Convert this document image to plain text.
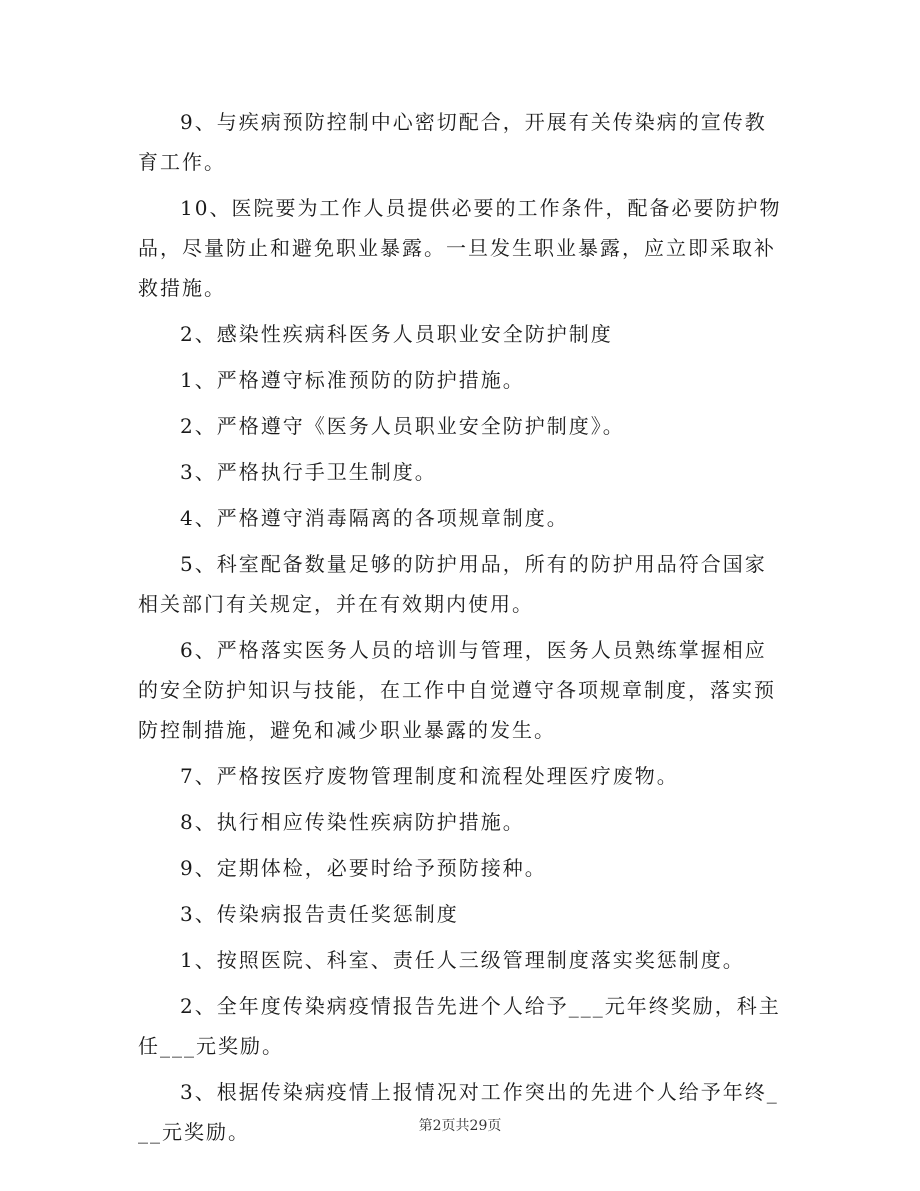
9、与疾病预防控制中心密切配合，开展有关传染病的宣传教育工作。

10、医院要为工作人员提供必要的工作条件，配备必要防护物品，尽量防止和避免职业暴露。一旦发生职业暴露，应立即采取补救措施。

2、感染性疾病科医务人员职业安全防护制度

1、严格遵守标准预防的防护措施。

2、严格遵守《医务人员职业安全防护制度》。

3、严格执行手卫生制度。

4、严格遵守消毒隔离的各项规章制度。

5、科室配备数量足够的防护用品，所有的防护用品符合国家相关部门有关规定，并在有效期内使用。

6、严格落实医务人员的培训与管理，医务人员熟练掌握相应的安全防护知识与技能，在工作中自觉遵守各项规章制度，落实预防控制措施，避免和减少职业暴露的发生。

7、严格按医疗废物管理制度和流程处理医疗废物。

8、执行相应传染性疾病防护措施。

9、定期体检，必要时给予预防接种。

3、传染病报告责任奖惩制度

1、按照医院、科室、责任人三级管理制度落实奖惩制度。

2、全年度传染病疫情报告先进个人给予___元年终奖励，科主任___元奖励。

3、根据传染病疫情上报情况对工作突出的先进个人给予年终___元奖励。	第2页共29页
